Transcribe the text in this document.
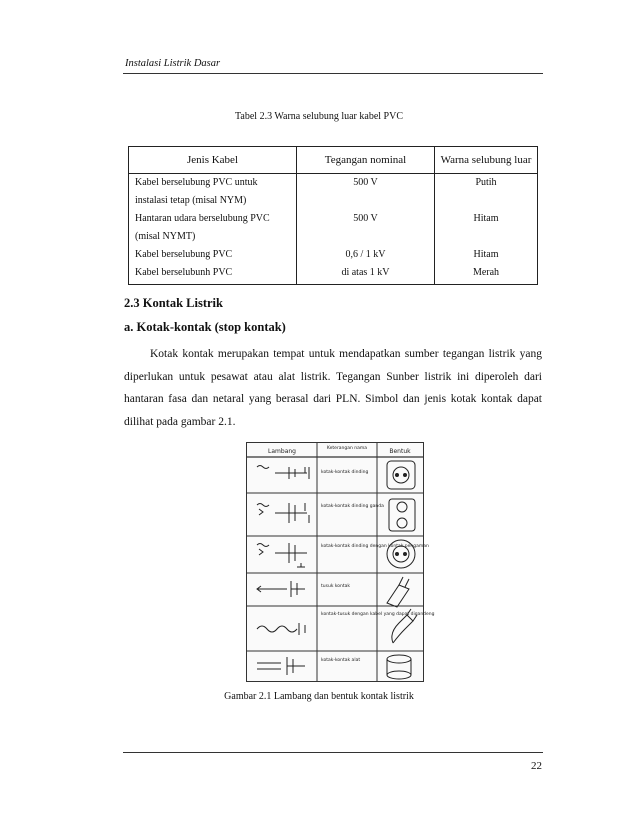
Instalasi Listrik Dasar
Tabel 2.3 Warna selubung luar kabel PVC
Jenis Kabel	Tegangan nominal	Warna selubung luar
Kabel berselubung PVC untuk	500 V	Putih
instalasi tetap (misal NYM)		
Hantaran udara berselubung PVC	500 V	Hitam
(misal NYMT)		
Kabel berselubung PVC	0,6 / 1 kV	Hitam
Kabel berselubunh PVC	di atas 1 kV	Merah
2.3 Kontak Listrik
a. Kotak-kontak (stop kontak)

Kotak kontak merupakan tempat untuk mendapatkan sumber tegangan listrik yang diperlukan untuk pesawat atau alat listrik. Tegangan Sunber listrik ini diperoleh dari hantaran fasa dan netaral yang berasal dari PLN. Simbol dan jenis kotak kontak dapat dilihat pada gambar 2.1.

Lambang	Keterangan nama	Bentuk
kotak-kontak dinding
kotak-kontak dinding ganda
kotak-kontak dinding dengan kontak pengaman
tusuk kontak
kontak-tusuk dengan kabel yang dapat digandeng
kotak-kontak alat
Gambar 2.1 Lambang dan bentuk kontak listrik
22
